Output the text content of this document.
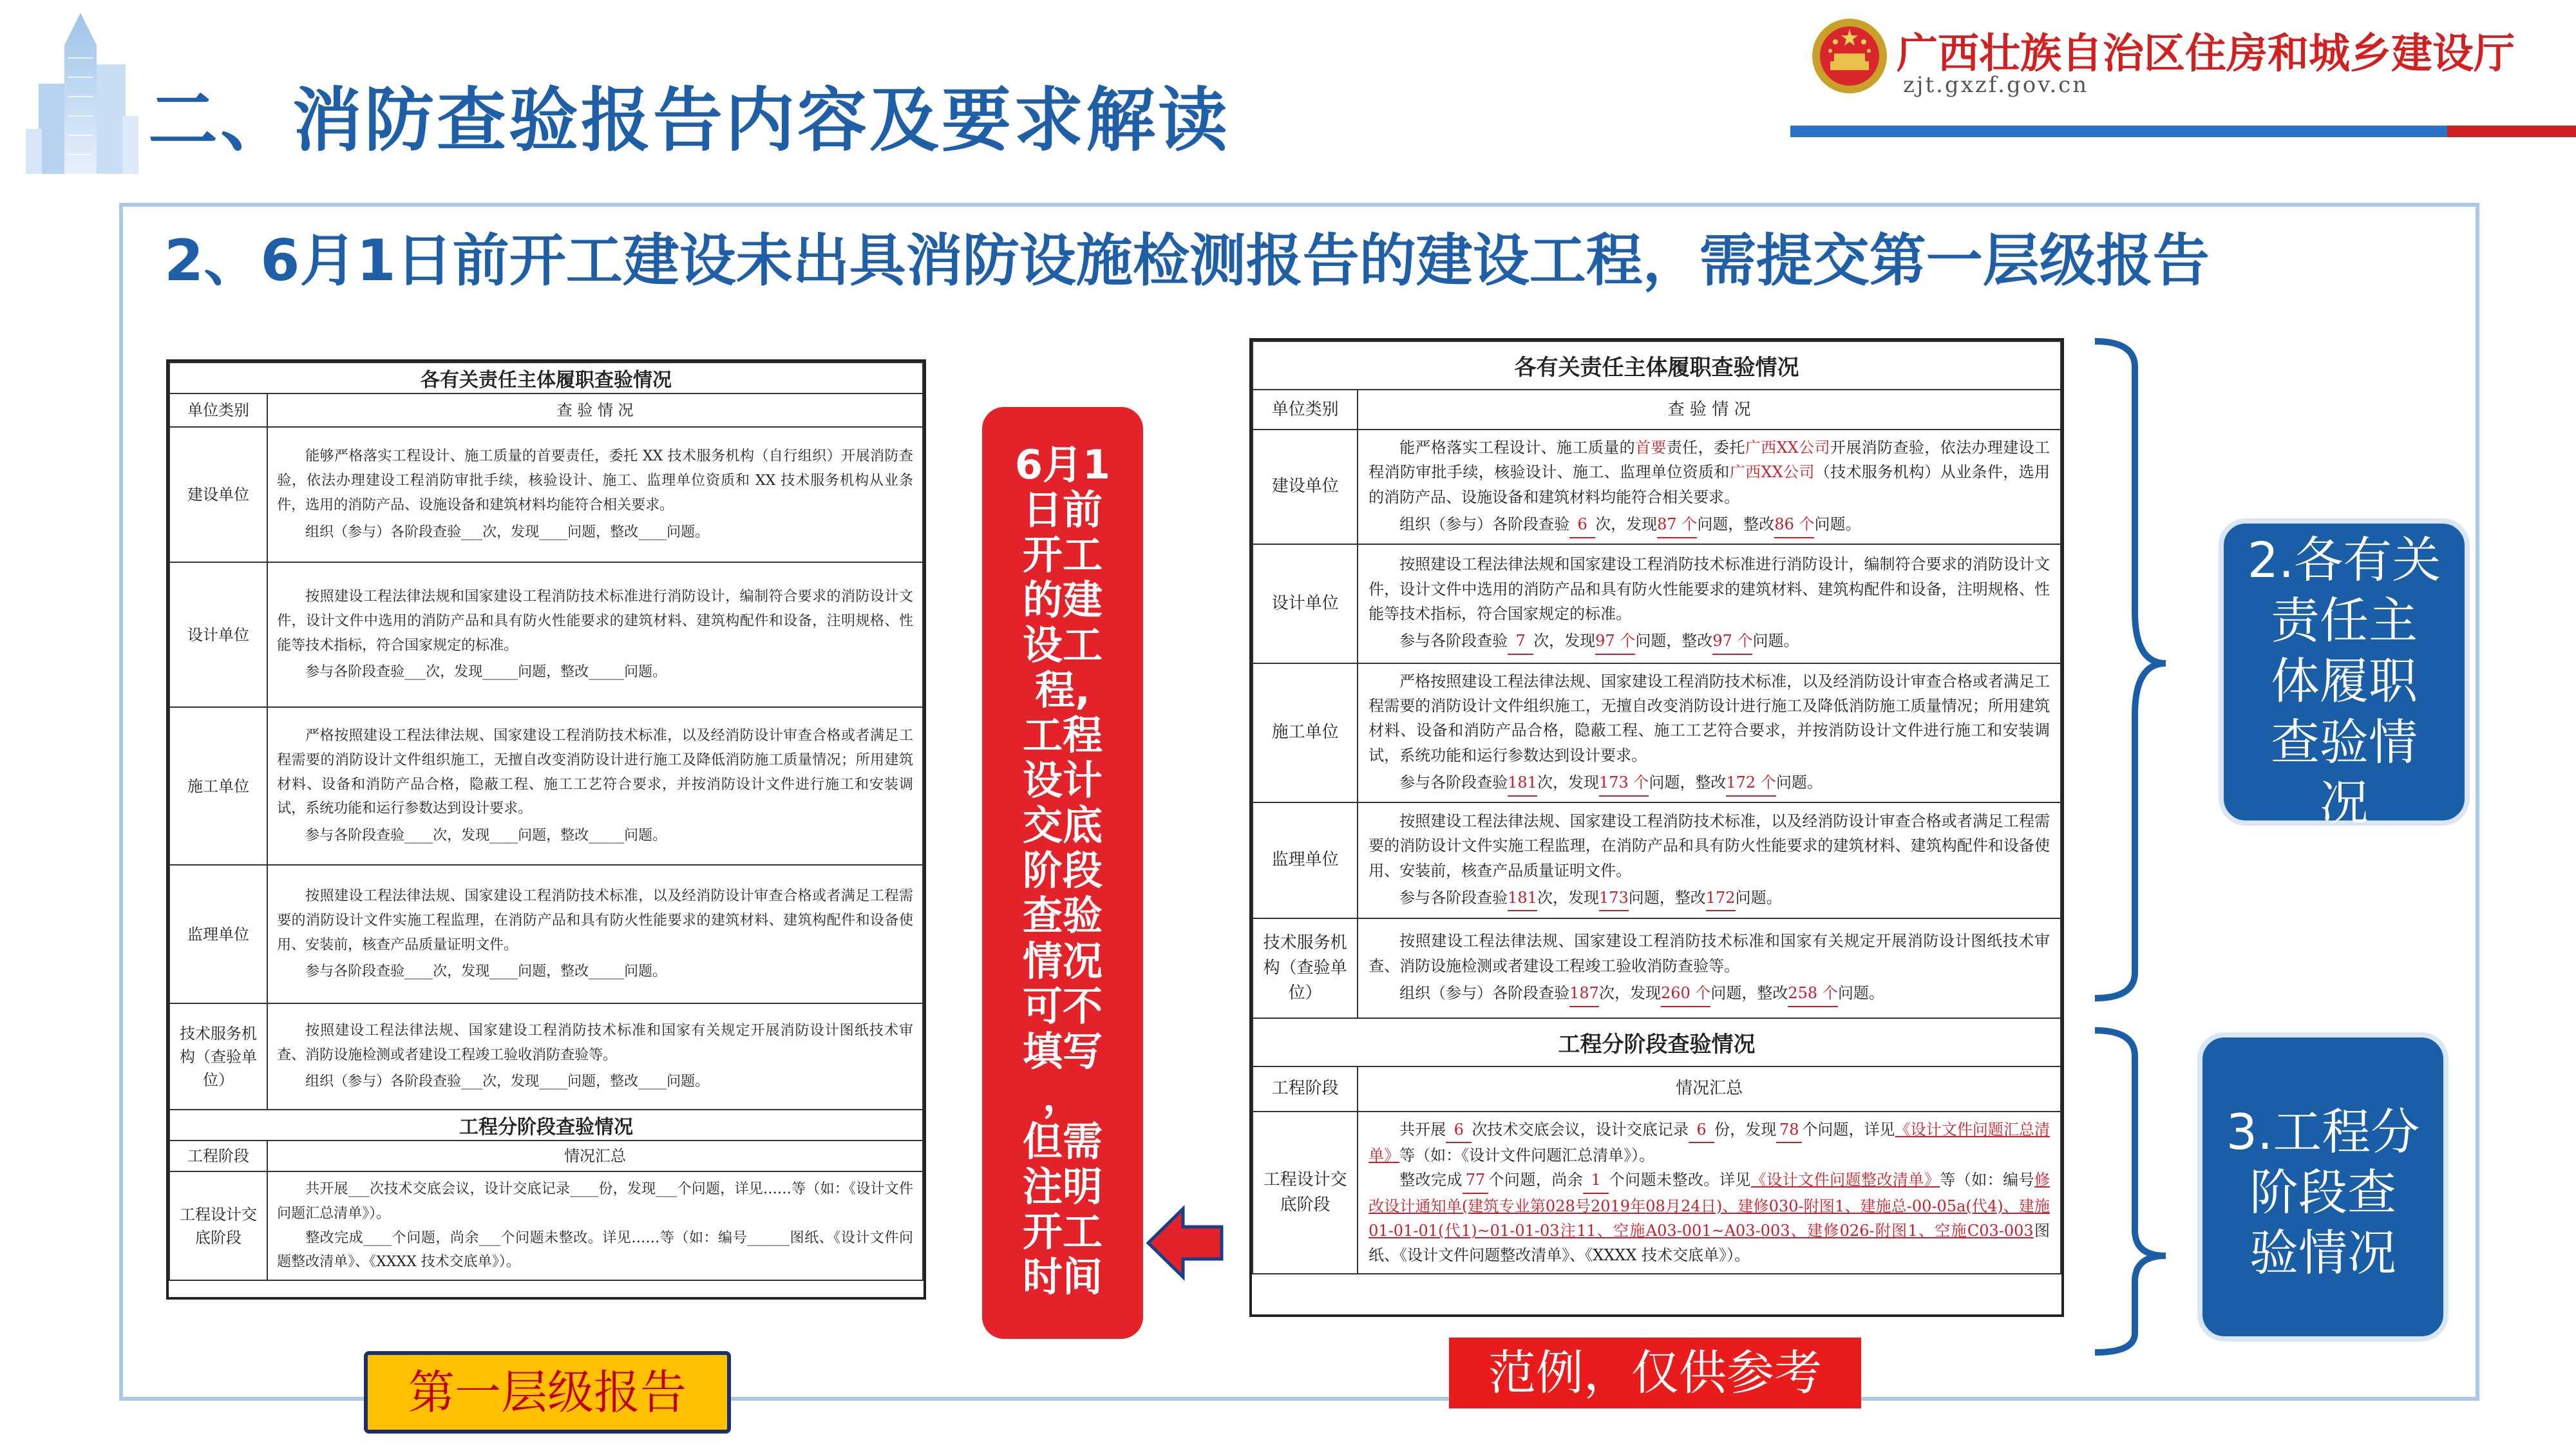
二、消防查验报告内容及要求解读
广西壮族自治区住房和城乡建设厅
zjt.gxzf.gov.cn
2、6月1日前开工建设未出具消防设施检测报告的建设工程，需提交第一层级报告
各有关责任主体履职查验情况	
单位类别	查 验 情 况
建设单位	能够严格落实工程设计、施工质量的首要责任，委托 XX 技术服务机构（自行组织）开展消防查验，依法办理建设工程消防审批手续，核验设计、施工、监理单位资质和 XX 技术服务机构从业条件，选用的消防产品、设施设备和建筑材料均能符合相关要求。

组织（参与）各阶段查验___次，发现____问题，整改____问题。

设计单位	按照建设工程法律法规和国家建设工程消防技术标准进行消防设计，编制符合要求的消防设计文件，设计文件中选用的消防产品和具有防火性能要求的建筑材料、建筑构配件和设备，注明规格、性能等技术指标，符合国家规定的标准。

参与各阶段查验___次，发现_____问题，整改_____问题。

施工单位	严格按照建设工程法律法规、国家建设工程消防技术标准，以及经消防设计审查合格或者满足工程需要的消防设计文件组织施工，无擅自改变消防设计进行施工及降低消防施工质量情况；所用建筑材料、设备和消防产品合格，隐蔽工程、施工工艺符合要求，并按消防设计文件进行施工和安装调试，系统功能和运行参数达到设计要求。

参与各阶段查验____次，发现____问题，整改_____问题。

监理单位	按照建设工程法律法规、国家建设工程消防技术标准，以及经消防设计审查合格或者满足工程需要的消防设计文件实施工程监理，在消防产品和具有防火性能要求的建筑材料、建筑构配件和设备使用、安装前，核查产品质量证明文件。

参与各阶段查验____次，发现____问题，整改_____问题。

技术服务机构（查验单位）	按照建设工程法律法规、国家建设工程消防技术标准和国家有关规定开展消防设计图纸技术审查、消防设施检测或者建设工程竣工验收消防查验等。

组织（参与）各阶段查验___次，发现____问题，整改____问题。

工程分阶段查验情况	
工程阶段	情况汇总
工程设计交底阶段	共开展___次技术交底会议，设计交底记录____份，发现___个问题，详见……等（如：《设计文件问题汇总清单》）。

整改完成____个问题，尚余___个问题未整改。详见……等（如：编号______图纸、《设计文件问题整改清单》、《XXXX 技术交底单》）。

6月1
日前
开工
的建
设工
程,
工程
设计
交底
阶段
查验
情况
可不
填写
，
但需
注明
开工
时间
各有关责任主体履职查验情况	
单位类别	查 验 情 况
建设单位	能严格落实工程设计、施工质量的首要责任，委托广西XX公司开展消防查验，依法办理建设工程消防审批手续，核验设计、施工、监理单位资质和广西XX公司（技术服务机构）从业条件，选用的消防产品、设施设备和建筑材料均能符合相关要求。

组织（参与）各阶段查验 6 次，发现87 个问题，整改86 个问题。

设计单位	按照建设工程法律法规和国家建设工程消防技术标准进行消防设计，编制符合要求的消防设计文件，设计文件中选用的消防产品和具有防火性能要求的建筑材料、建筑构配件和设备，注明规格、性能等技术指标，符合国家规定的标准。

参与各阶段查验 7 次，发现97 个问题，整改97 个问题。

施工单位	严格按照建设工程法律法规、国家建设工程消防技术标准，以及经消防设计审查合格或者满足工程需要的消防设计文件组织施工，无擅自改变消防设计进行施工及降低消防施工质量情况；所用建筑材料、设备和消防产品合格，隐蔽工程、施工工艺符合要求，并按消防设计文件进行施工和安装调试，系统功能和运行参数达到设计要求。

参与各阶段查验181次，发现173 个问题，整改172 个问题。

监理单位	按照建设工程法律法规、国家建设工程消防技术标准，以及经消防设计审查合格或者满足工程需要的消防设计文件实施工程监理，在消防产品和具有防火性能要求的建筑材料、建筑构配件和设备使用、安装前，核查产品质量证明文件。

参与各阶段查验181次，发现173问题，整改172问题。

技术服务机构（查验单位）	按照建设工程法律法规、国家建设工程消防技术标准和国家有关规定开展消防设计图纸技术审查、消防设施检测或者建设工程竣工验收消防查验等。

组织（参与）各阶段查验187次，发现260 个问题，整改258 个问题。

工程分阶段查验情况	
工程阶段	情况汇总
工程设计交底阶段	共开展 6 次技术交底会议，设计交底记录 6 份，发现 78 个问题，详见《设计文件问题汇总清单》等（如：《设计文件问题汇总清单》）。

整改完成 77 个问题，尚余 1 个问题未整改。详见《设计文件问题整改清单》等（如：编号修改设计通知单(建筑专业第028号2019年08月24日)、建修030-附图1、建施总-00-05a(代4)、建施01-01-01(代1)~01-01-03注11、空施A03-001~A03-003、建修026-附图1、空施C03-003图纸、《设计文件问题整改清单》、《XXXX 技术交底单》）。

2.各有关
责任主
体履职
查验情
况
3.工程分
阶段查
验情况
第一层级报告	范例，仅供参考
